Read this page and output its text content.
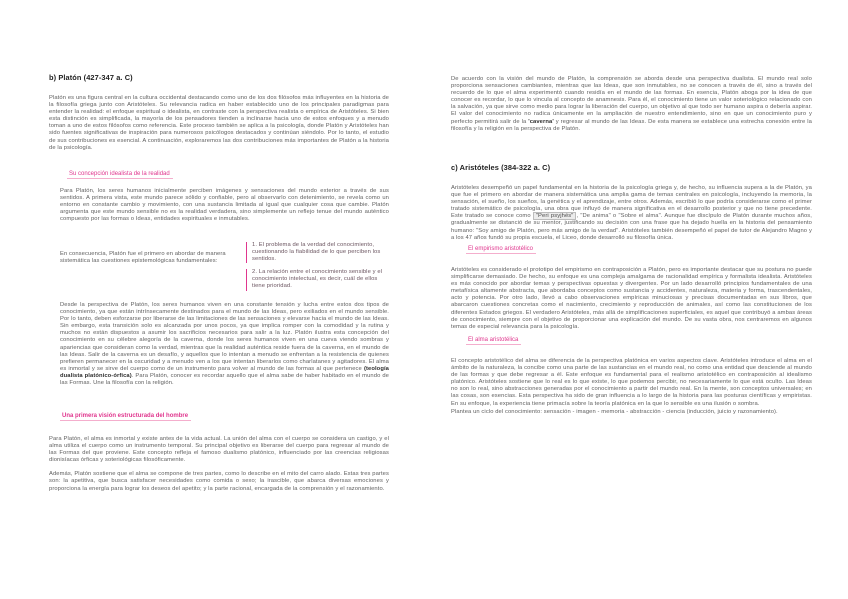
b) Platón (427-347 a. C)

Platón es una figura central en la cultura occidental destacando como uno de los dos filósofos más influyentes en la historia de la filosofía griega junto con Aristóteles. Su relevancia radica en haber establecido uno de los principales paradigmas para entender la realidad: el enfoque espiritual o idealista, en contraste con la perspectiva realista o empírica de Aristóteles. Si bien esta distinción es simplificada, la mayoría de los pensadores tienden a inclinarse hacia uno de estos enfoques y a menudo toman a uno de estos filósofos como referencia. Este proceso también se aplica a la psicología, donde Platón y Aristóteles han sido fuentes significativas de inspiración para numerosos psicólogos destacados y continúan siéndolo. Por lo tanto, el estudio de sus contribuciones es esencial. A continuación, exploraremos las dos contribuciones más importantes de Platón a la historia de la psicología.

Su concepción idealista de la realidad

Para Platón, los seres humanos inicialmente perciben imágenes y sensaciones del mundo exterior a través de sus sentidos. A primera vista, este mundo parece sólido y confiable, pero al observarlo con detenimiento, se revela como un entorno en constante cambio y movimiento, con una sustancia limitada al igual que cualquier cosa que cambie. Platón argumenta que este mundo sensible no es la realidad verdadera, sino simplemente un reflejo tenue del mundo auténtico compuesto por las formas o Ideas, entidades espirituales e inmutables.

En consecuencia, Platón fue el primero en abordar de manera sistemática las cuestiones epistemológicas fundamentales:
1. El problema de la verdad del conocimiento, cuestionando la fiabilidad de lo que perciben los sentidos.
2. La relación entre el conocimiento sensible y el conocimiento intelectual, es decir, cuál de ellos tiene prioridad.

Desde la perspectiva de Platón, los seres humanos viven en una constante tensión y lucha entre estos dos tipos de conocimiento, ya que están intrínsecamente destinados para el mundo de las Ideas, pero exiliados en el mundo sensible. Por lo tanto, deben esforzarse por liberarse de las limitaciones de las sensaciones y elevarse hacia el mundo de las Ideas. Sin embargo, esta transición solo es alcanzada por unos pocos, ya que implica romper con la comodidad y la rutina y muchos no están dispuestos a asumir los sacrificios necesarios para salir a la luz. Platón ilustra esta concepción del conocimiento en su célebre alegoría de la caverna, donde los seres humanos viven en una cueva viendo sombras y apariencias que consideran como la verdad, mientras que la realidad auténtica reside fuera de la caverna, en el mundo de las Ideas. Salir de la caverna es un desafío, y aquellos que lo intentan a menudo se enfrentan a la resistencia de quienes prefieren permanecer en la oscuridad y a menudo ven a los que intentan liberarlos como charlatanes y agitadores. El alma es inmortal y se sirve del cuerpo como de un instrumento para volver al mundo de las formas al que pertenece (teología dualista platónico-órfica). Para Platón, conocer es recordar aquello que el alma sabe de haber habitado en el mundo de las Formas. Une la filosofía con la religión.

Una primera visión estructurada del hombre

Para Platón, el alma es inmortal y existe antes de la vida actual. La unión del alma con el cuerpo se considera un castigo, y el alma utiliza el cuerpo como un instrumento temporal. Su principal objetivo es liberarse del cuerpo para regresar al mundo de las Formas del que proviene. Este concepto refleja el famoso dualismo platónico, influenciado por las creencias religiosas dionisíacas órficas y soteriológicas filosóficamente.

Además, Platón sostiene que el alma se compone de tres partes, como lo describe en el mito del carro alado. Estas tres partes son: la apetitiva, que busca satisfacer necesidades como comida o sexo; la irascible, que abarca diversas emociones y proporciona la energía para lograr los deseos del apetito; y la parte racional, encargada de la comprensión y el razonamiento.

De acuerdo con la visión del mundo de Platón, la comprensión se aborda desde una perspectiva dualista. El mundo real solo proporciona sensaciones cambiantes, mientras que las Ideas, que son inmutables, no se conocen a través de él, sino a través del recuerdo de lo que el alma experimentó cuando residía en el mundo de las formas. En esencia, Platón aboga por la idea de que conocer es recordar, lo que lo vincula al concepto de anamnesis. Para él, el conocimiento tiene un valor soteriológico relacionado con la salvación, ya que sirve como medio para lograr la liberación del cuerpo, un objetivo al que todo ser humano aspira o debería aspirar. El valor del conocimiento no radica únicamente en la ampliación de nuestro entendimiento, sino en que un conocimiento puro y perfecto permitirá salir de la 'caverna' y regresar al mundo de las Ideas. De esta manera se establece una estrecha conexión entre la filosofía y la religión en la perspectiva de Platón.

c) Aristóteles (384-322 a. C)

Aristóteles desempeñó un papel fundamental en la historia de la psicología griega y, de hecho, su influencia supera a la de Platón, ya que fue el primero en abordar de manera sistemática una amplia gama de temas centrales en psicología, incluyendo la memoria, la sensación, el sueño, los sueños, la genética y el aprendizaje, entre otros. Además, escribió lo que podría considerarse como el primer tratado sistemático de psicología, una obra que influyó de manera significativa en el desarrollo posterior y que no tiene precedente. Este tratado se conoce como "Peri psyjhés" , "De anima" o "Sobre el alma". Aunque fue discípulo de Platón durante muchos años, gradualmente se distanció de su mentor, justificando su decisión con una frase que ha dejado huella en la historia del pensamiento humano: "Soy amigo de Platón, pero más amigo de la verdad". Aristóteles también desempeñó el papel de tutor de Alejandro Magno y a los 47 años fundó su propia escuela, el Liceo, donde desarrolló su filosofía única.

El empirismo aristotélico

Aristóteles es considerado el prototipo del empirismo en contraposición a Platón, pero es importante destacar que su postura no puede simplificarse demasiado. De hecho, su enfoque es una compleja amalgama de racionalidad empírica y formalista idealista. Aristóteles es más conocido por abordar temas y perspectivas opuestas y divergentes. Por un lado desarrolló principios fundamentales de una metafísica altamente abstracta, que abordaba conceptos como sustancia y accidentes, naturaleza, materia y forma, trascendentales, acto y potencia. Por otro lado, llevó a cabo observaciones empíricas minuciosas y precisas documentadas en sus libros, que abarcaron cuestiones concretas como el nacimiento, crecimiento y reproducción de animales, así como las constituciones de los diferentes Estados griegos. El verdadero Aristóteles, más allá de simplificaciones superficiales, es aquel que contribuyó a ambas áreas de conocimiento, siempre con el objetivo de proporcionar una explicación del mundo. De su vasta obra, nos centraremos en algunos temas de especial relevancia para la psicología.

El alma aristotélica

El concepto aristotélico del alma se diferencia de la perspectiva platónica en varios aspectos clave. Aristóteles introduce el alma en el ámbito de la naturaleza, la concibe como una parte de las sustancias en el mundo real, no como una entidad que desciende al mundo de las formas y que debe regresar a él. Este enfoque es fundamental para el realismo aristotélico en contraposición al idealismo platónico. Aristóteles sostiene que lo real es lo que existe, lo que podemos percibir, no necesariamente lo que está oculto. Las Ideas no son lo real, sino abstracciones generadas por el conocimiento a partir del mundo real. En la mente, son conceptos universales; en las cosas, son esencias. Esta perspectiva ha sido de gran influencia a lo largo de la historia para las posturas científicas y empiristas. En su enfoque, la experiencia tiene primacía sobre la teoría platónica en la que lo sensible es una ilusión o sombra.

Plantea un ciclo del conocimiento: sensación - imagen - memoria - abstracción - ciencia (inducción, juicio y razonamiento).
